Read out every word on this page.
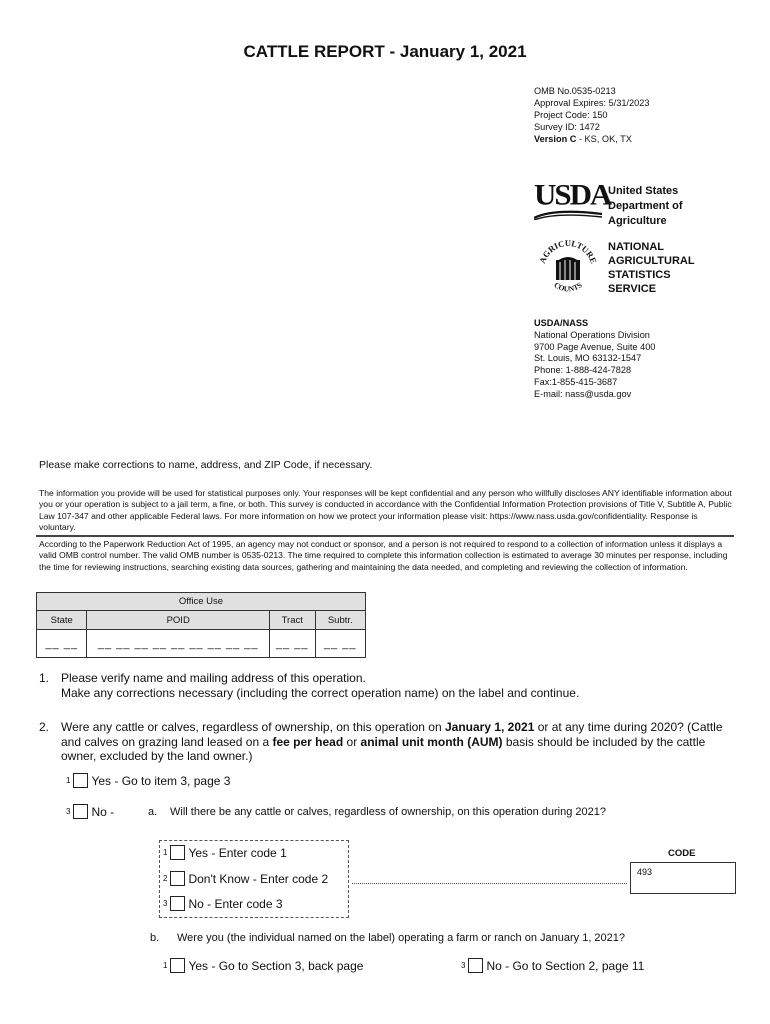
CATTLE REPORT - January 1, 2021
OMB No.0535-0213
Approval Expires: 5/31/2023
Project Code: 150
Survey ID: 1472
Version C - KS, OK, TX
USDA
United States
Department of
Agriculture
AGRICULTURE
COUNTS
NATIONAL
AGRICULTURAL
STATISTICS
SERVICE
USDA/NASS
National Operations Division
9700 Page Avenue, Suite 400
St. Louis, MO 63132-1547
Phone: 1-888-424-7828
Fax:1-855-415-3687
E-mail: nass@usda.gov
Please make corrections to name, address, and ZIP Code, if necessary.
The information you provide will be used for statistical purposes only. Your responses will be kept confidential and any person who willfully discloses ANY identifiable information about you or your operation is subject to a jail term, a fine, or both. This survey is conducted in accordance with the Confidential Information Protection provisions of Title V, Subtitle A, Public Law 107-347 and other applicable Federal laws. For more information on how we protect your information please visit: https://www.nass.usda.gov/confidentiality. Response is voluntary.
According to the Paperwork Reduction Act of 1995, an agency may not conduct or sponsor, and a person is not required to respond to a collection of information unless it displays a valid OMB control number. The valid OMB number is 0535-0213. The time required to complete this information collection is estimated to average 30 minutes per response, including the time for reviewing instructions, searching existing data sources, gathering and maintaining the data needed, and completing and reviewing the collection of information.
Office Use			
State	POID	Tract	Subtr.
__ __	__ __ __ __ __ __ __ __ __	__ __	__ __
1. Please verify name and mailing address of this operation.
Make any corrections necessary (including the correct operation name) on the label and continue.
2. Were any cattle or calves, regardless of ownership, on this operation on January 1, 2021 or at any time during 2020? (Cattle and calves on grazing land leased on a fee per head or animal unit month (AUM) basis should be included by the cattle owner, excluded by the land owner.)
1 Yes - Go to item 3, page 3
3 No -	a. Will there be any cattle or calves, regardless of ownership, on this operation during 2021?
1 Yes - Enter code 1
2 Don't Know - Enter code 2
3 No - Enter code 3
CODE
493
b. Were you (the individual named on the label) operating a farm or ranch on January 1, 2021?
1 Yes - Go to Section 3, back page	3 No - Go to Section 2, page 11
